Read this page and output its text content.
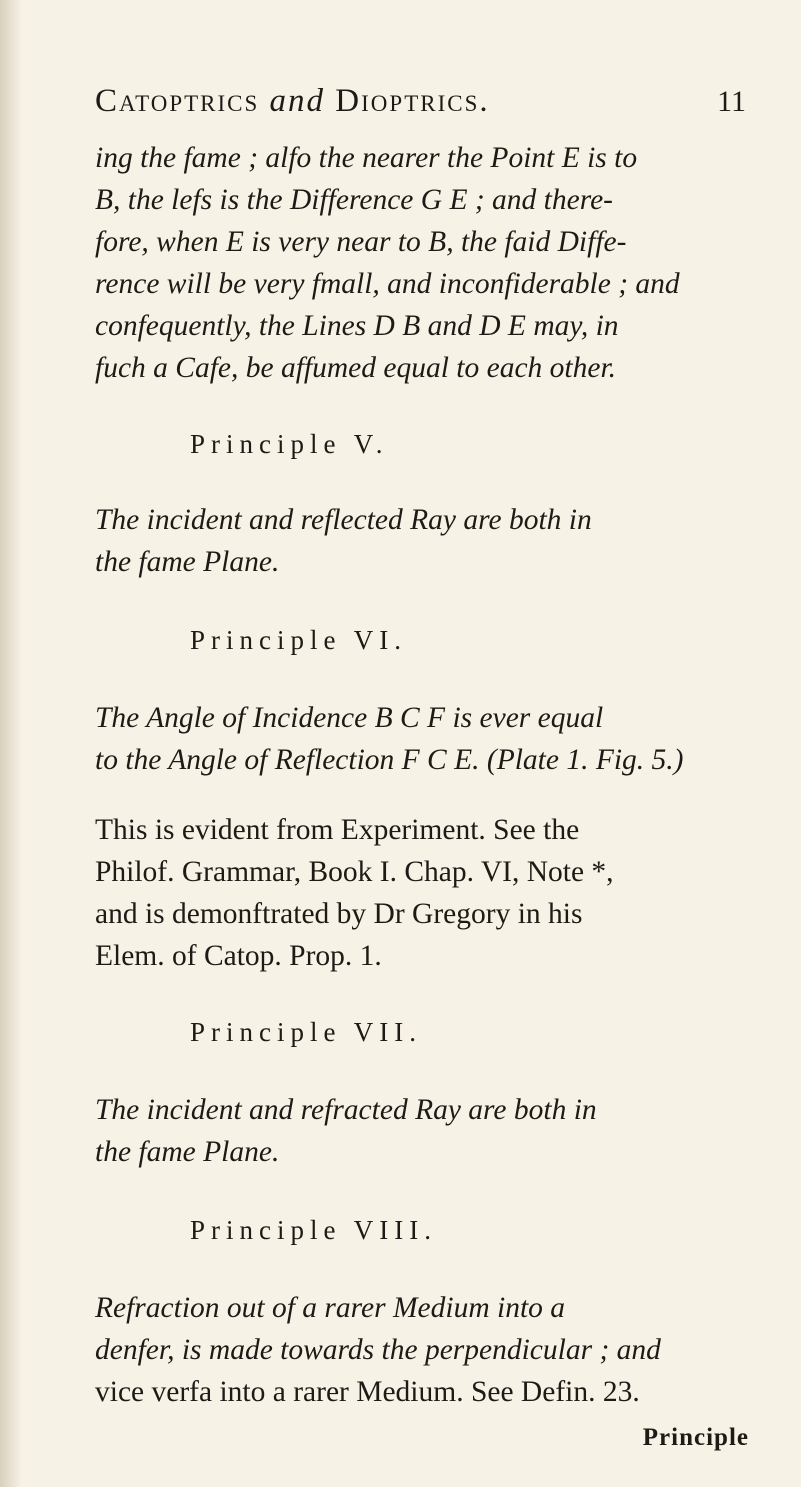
Catoptrics and Dioptrics.	11
ing the fame ; alfo the nearer the Point E is to
B, the lefs is the Difference G E ; and there-
fore, when E is very near to B, the faid Diffe-
rence will be very fmall, and inconfiderable ; and
confequently, the Lines D B and D E may, in
fuch a Cafe, be affumed equal to each other.
Principle V.
The incident and reflected Ray are both in
the fame Plane.
Principle VI.
The Angle of Incidence B C F is ever equal
to the Angle of Reflection F C E. (Plate 1. Fig. 5.)
This is evident from Experiment. See the
Philof. Grammar, Book I. Chap. VI, Note *,
and is demonftrated by Dr Gregory in his
Elem. of Catop. Prop. 1.
Principle VII.
The incident and refracted Ray are both in
the fame Plane.
Principle VIII.
Refraction out of a rarer Medium into a
denfer, is made towards the perpendicular ; and
vice verfa into a rarer Medium. See Defin. 23.
Principle
